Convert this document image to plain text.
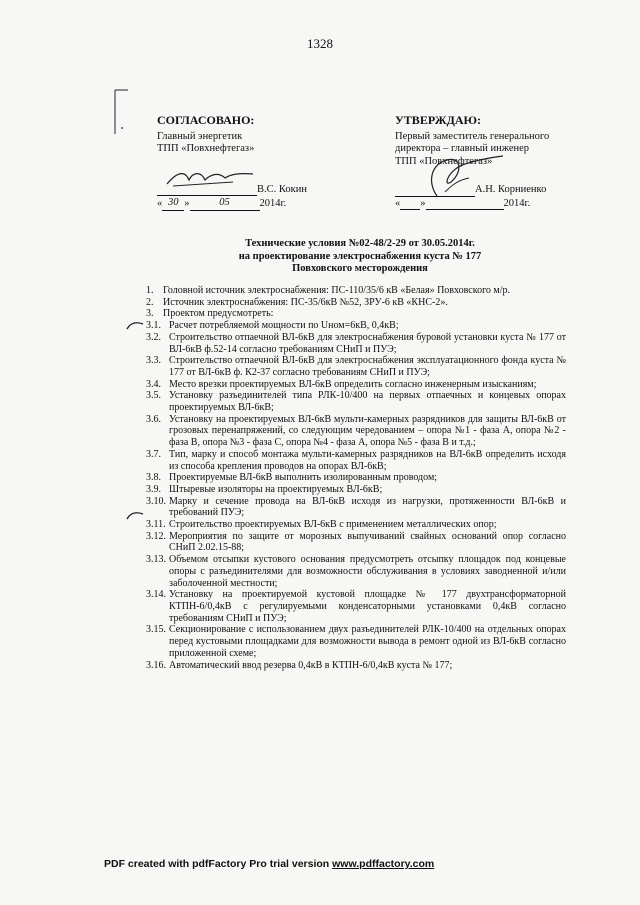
1328
СОГЛАСОВАНО:
Главный энергетик
ТПП «Повхнефтегаз»
В.С. Кокин
« 30 »	05	2014г.
УТВЕРЖДАЮ:
Первый заместитель генерального
директора – главный инженер
ТПП «Повхнефтегаз»
А.Н. Корниенко
« »	2014г.
Технические условия №02-48/2-29 от 30.05.2014г.
на проектирование электроснабжения куста № 177
Повховского месторождения
1. Головной источник электроснабжения: ПС-110/35/6 кВ «Белая» Повховского м/р.
2. Источник электроснабжения: ПС-35/6кВ №52, ЗРУ-6 кВ «КНС-2».
3. Проектом предусмотреть:
3.1. Расчет потребляемой мощности по Uном=6кВ, 0,4кВ;
3.2. Строительство отпаечной ВЛ-6кВ для электроснабжения буровой установки куста № 177 от ВЛ-6кВ ф.52-14 согласно требованиям СНиП и ПУЭ;
3.3. Строительство отпаечной ВЛ-6кВ для электроснабжения эксплуатационного фонда куста № 177 от ВЛ-6кВ ф. К2-37 согласно требованиям СНиП и ПУЭ;
3.4. Место врезки проектируемых ВЛ-6кВ определить согласно инженерным изысканиям;
3.5. Установку разъединителей типа РЛК-10/400 на первых отпаечных и концевых опорах проектируемых ВЛ-6кВ;
3.6. Установку на проектируемых ВЛ-6кВ мульти-камерных разрядников для защиты ВЛ-6кВ от грозовых перенапряжений, со следующим чередованием – опора №1 - фаза А, опора №2 - фаза В, опора №3 - фаза С, опора №4 - фаза А, опора №5 - фаза В и т.д.;
3.7. Тип, марку и способ монтажа мульти-камерных разрядников на ВЛ-6кВ определить исходя из способа крепления проводов на опорах ВЛ-6кВ;
3.8. Проектируемые ВЛ-6кВ выполнить изолированным проводом;
3.9. Штыревые изоляторы на проектируемых ВЛ-6кВ;
3.10. Марку и сечение провода на ВЛ-6кВ исходя из нагрузки, протяженности ВЛ-6кВ и требований ПУЭ;
3.11. Строительство проектируемых ВЛ-6кВ с применением металлических опор;
3.12. Мероприятия по защите от морозных выпучиваний свайных оснований опор согласно СНиП 2.02.15-88;
3.13. Объемом отсыпки кустового основания предусмотреть отсыпку площадок под концевые опоры с разъединителями для возможности обслуживания в условиях заводненной и/или заболоченной местности;
3.14. Установку на проектируемой кустовой площадке № 177 двухтрансформаторной КТПН-6/0,4кВ с регулируемыми конденсаторными установками 0,4кВ согласно требованиям СНиП и ПУЭ;
3.15. Секционирование с использованием двух разъединителей РЛК-10/400 на отдельных опорах перед кустовыми площадками для возможности вывода в ремонт одной из ВЛ-6кВ согласно приложенной схеме;
3.16. Автоматический ввод резерва 0,4кВ в КТПН-6/0,4кВ куста № 177;
PDF created with pdfFactory Pro trial version www.pdffactory.com
